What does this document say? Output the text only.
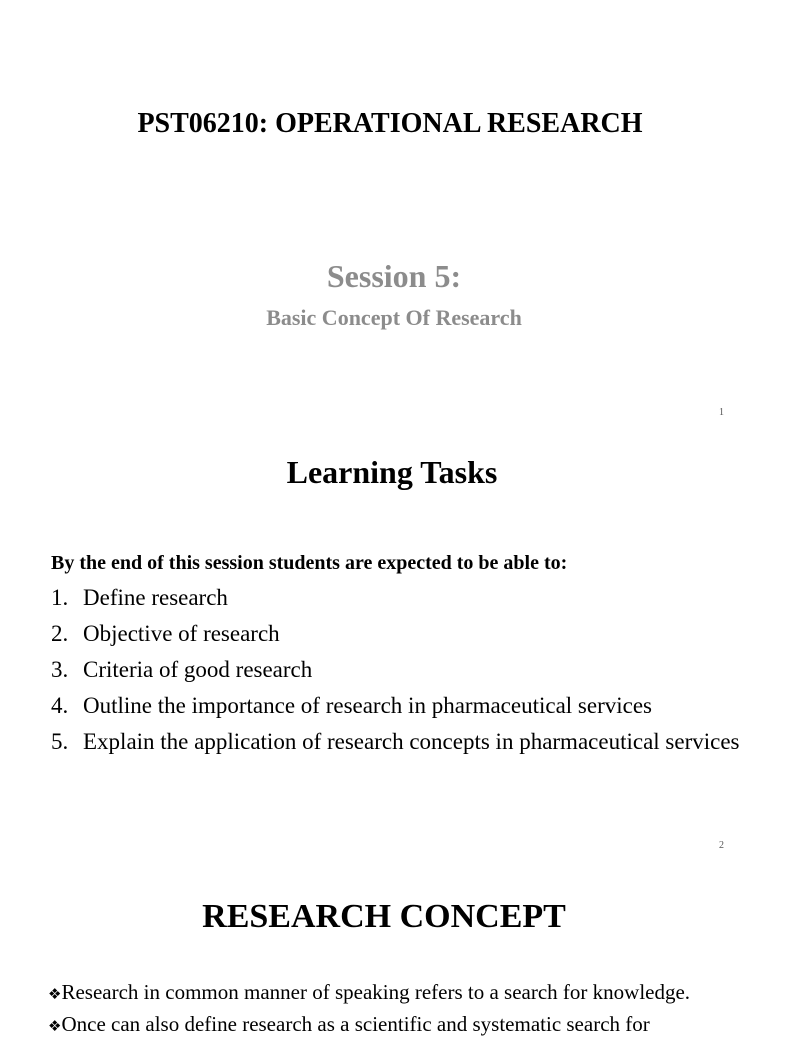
PST06210: OPERATIONAL RESEARCH
Session 5:
Basic Concept Of Research
1
Learning Tasks

By the end of this session students are expected to be able to:

1. Define research
2. Objective of research
3. Criteria of good research
4. Outline the importance of research in pharmaceutical services
5. Explain the application of research concepts in pharmaceutical services
2
RESEARCH CONCEPT
❖Research in common manner of speaking refers to a search for knowledge.
❖Once can also define research as a scientific and systematic search for
